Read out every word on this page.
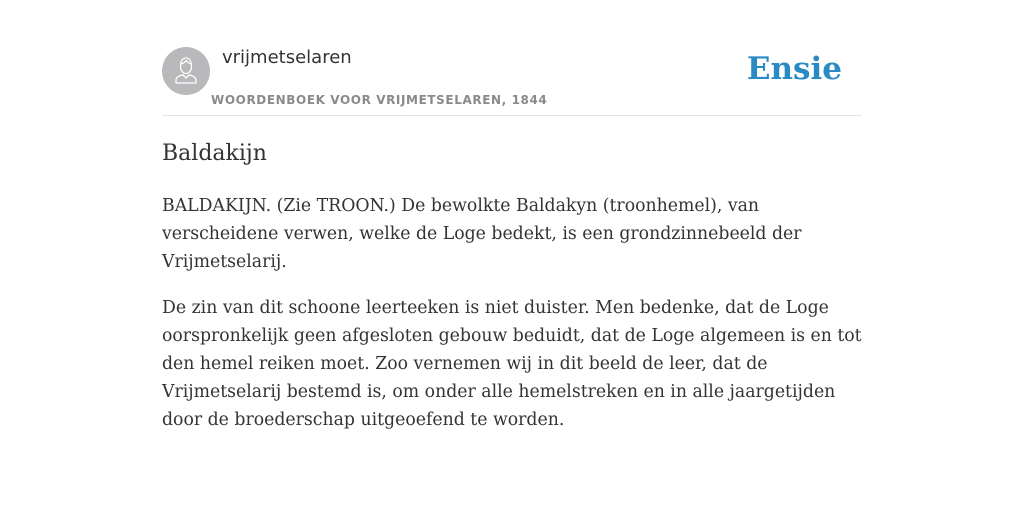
vrijmetselaren
WOORDENBOEK VOOR VRIJMETSELAREN, 1844
Ensie
Baldakijn

BALDAKIJN. (Zie TROON.) De bewolkte Baldakyn (troonhemel), van verscheidene verwen, welke de Loge bedekt, is een grondzinnebeeld der Vrijmetselarij.

De zin van dit schoone leerteeken is niet duister. Men bedenke, dat de Loge oorspronkelijk geen afgesloten gebouw beduidt, dat de Loge algemeen is en tot den hemel reiken moet. Zoo vernemen wij in dit beeld de leer, dat de Vrijmetselarij bestemd is, om onder alle hemelstreken en in alle jaargetijden door de broederschap uitgeoefend te worden.
